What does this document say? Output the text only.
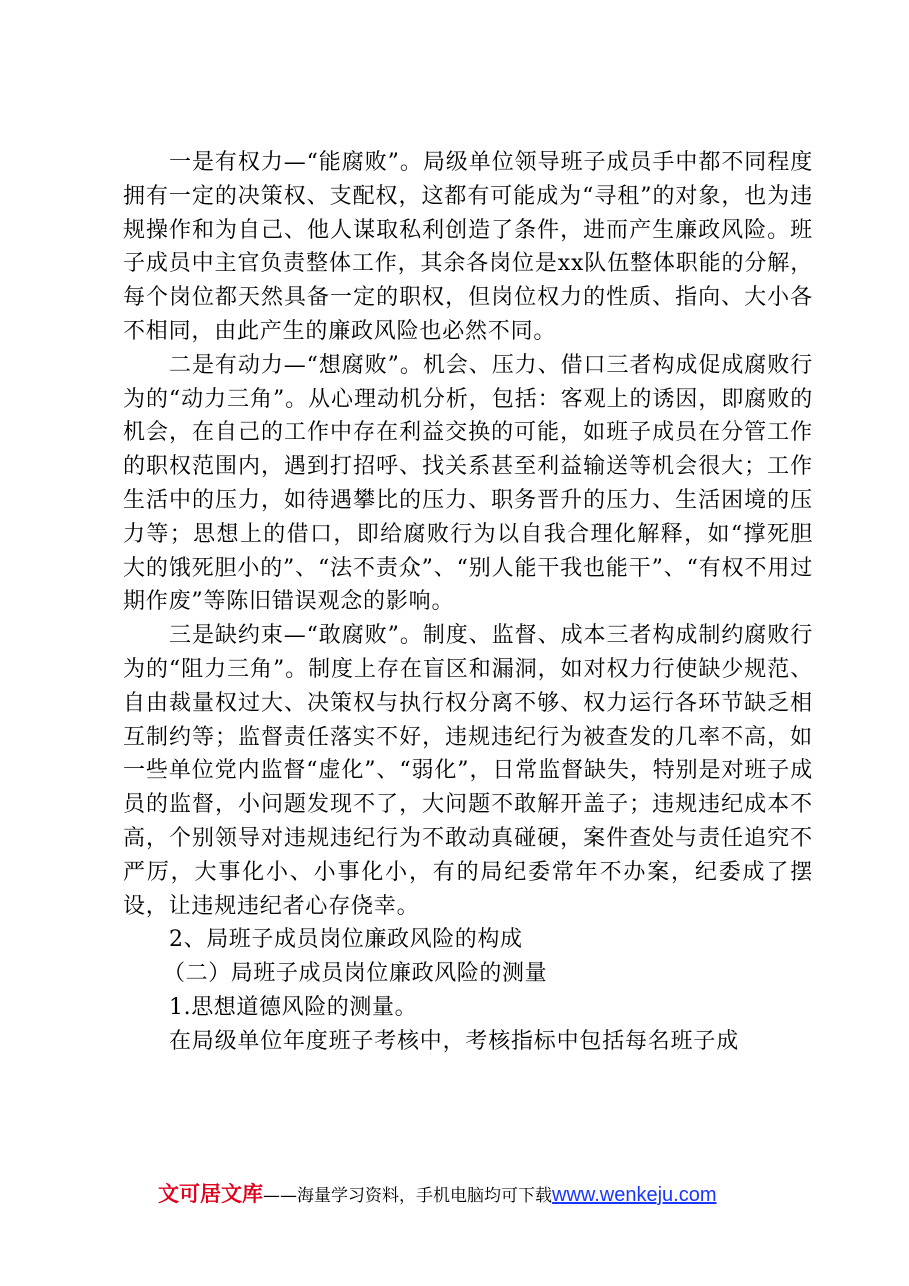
一是有权力—“能腐败”。局级单位领导班子成员手中都不同程度拥有一定的决策权、支配权，这都有可能成为“寻租”的对象，也为违规操作和为自己、他人谋取私利创造了条件，进而产生廉政风险。班子成员中主官负责整体工作，其余各岗位是xx队伍整体职能的分解，每个岗位都天然具备一定的职权，但岗位权力的性质、指向、大小各不相同，由此产生的廉政风险也必然不同。

二是有动力—“想腐败”。机会、压力、借口三者构成促成腐败行为的“动力三角”。从心理动机分析，包括：客观上的诱因，即腐败的机会，在自己的工作中存在利益交换的可能，如班子成员在分管工作的职权范围内，遇到打招呼、找关系甚至利益输送等机会很大；工作生活中的压力，如待遇攀比的压力、职务晋升的压力、生活困境的压力等；思想上的借口，即给腐败行为以自我合理化解释，如“撑死胆大的饿死胆小的”、“法不责众”、“别人能干我也能干”、“有权不用过期作废”等陈旧错误观念的影响。

三是缺约束—“敢腐败”。制度、监督、成本三者构成制约腐败行为的“阻力三角”。制度上存在盲区和漏洞，如对权力行使缺少规范、自由裁量权过大、决策权与执行权分离不够、权力运行各环节缺乏相互制约等；监督责任落实不好，违规违纪行为被查发的几率不高，如一些单位党内监督“虚化”、“弱化”，日常监督缺失，特别是对班子成员的监督，小问题发现不了，大问题不敢解开盖子；违规违纪成本不高，个别领导对违规违纪行为不敢动真碰硬，案件查处与责任追究不严厉，大事化小、小事化小，有的局纪委常年不办案，纪委成了摆设，让违规违纪者心存侥幸。

2、局班子成员岗位廉政风险的构成

（二）局班子成员岗位廉政风险的测量

1.思想道德风险的测量。

在局级单位年度班子考核中，考核指标中包括每名班子成

文可居文库——海量学习资料，手机电脑均可下载www.wenkeju.com
